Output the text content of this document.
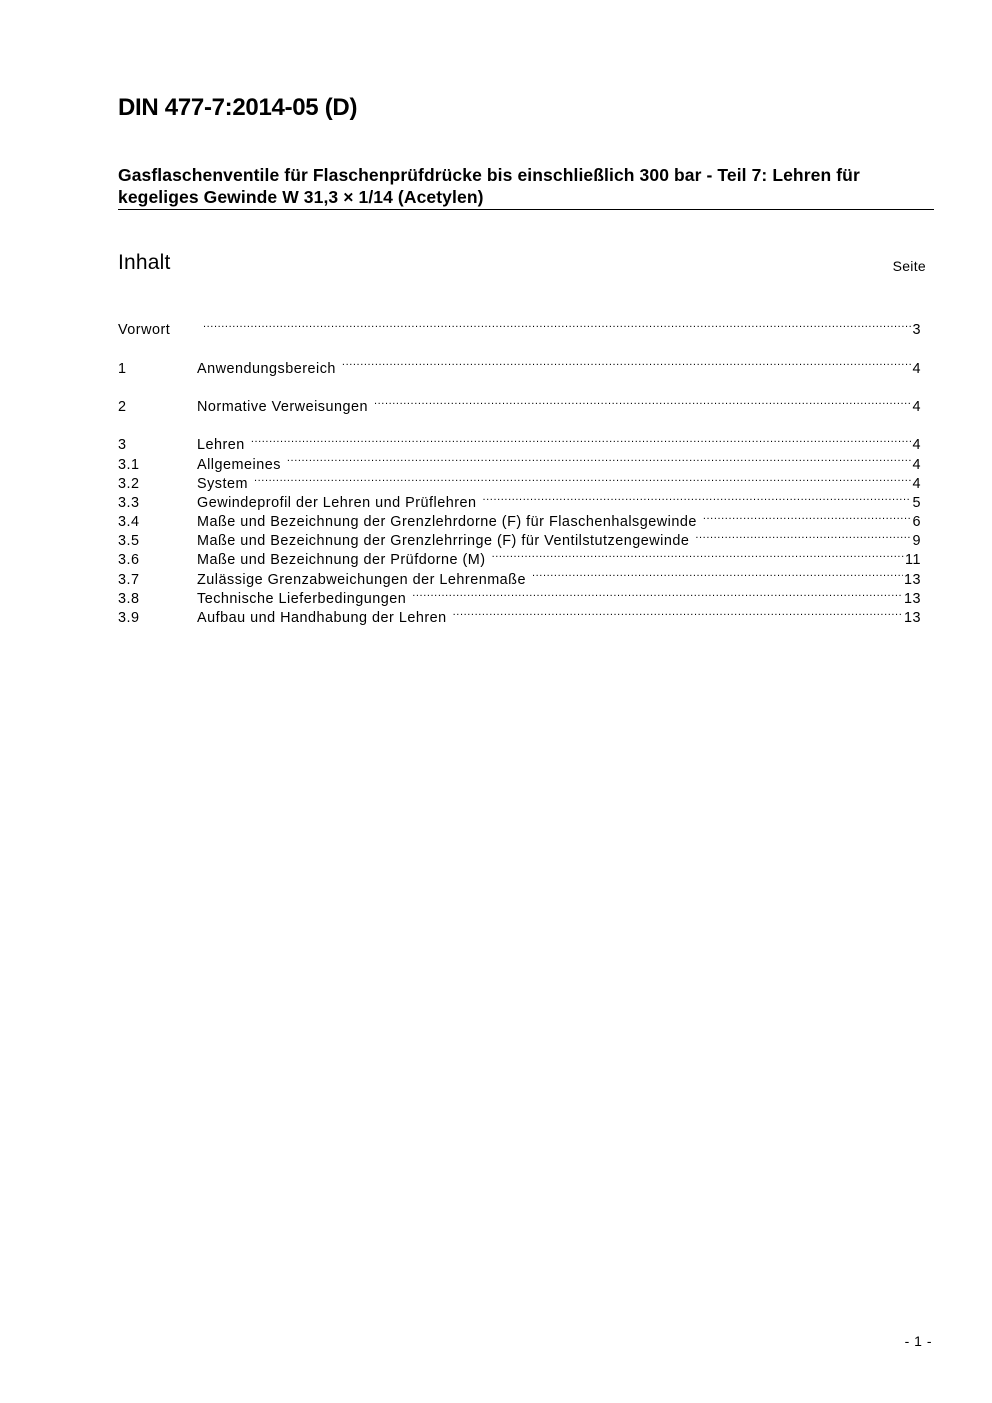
DIN 477-7:2014-05 (D)
Gasflaschenventile für Flaschenprüfdrücke bis einschließlich 300 bar - Teil 7: Lehren für kegeliges Gewinde W 31,3 × 1/14 (Acetylen)
Inhalt	Seite
Vorwort .....	3
1	Anwendungsbereich .....	4
2	Normative Verweisungen .....	4
3	Lehren .....	4
3.1	Allgemeines .....	4
3.2	System .....	4
3.3	Gewindeprofil der Lehren und Prüflehren .....	5
3.4	Maße und Bezeichnung der Grenzlehrdorne (F) für Flaschenhalsgewinde .....	6
3.5	Maße und Bezeichnung der Grenzlehrringe (F) für Ventilstutzengewinde .....	9
3.6	Maße und Bezeichnung der Prüfdorne (M) .....	11
3.7	Zulässige Grenzabweichungen der Lehrenmaße .....	13
3.8	Technische Lieferbedingungen .....	13
3.9	Aufbau und Handhabung der Lehren .....	13
- 1 -
